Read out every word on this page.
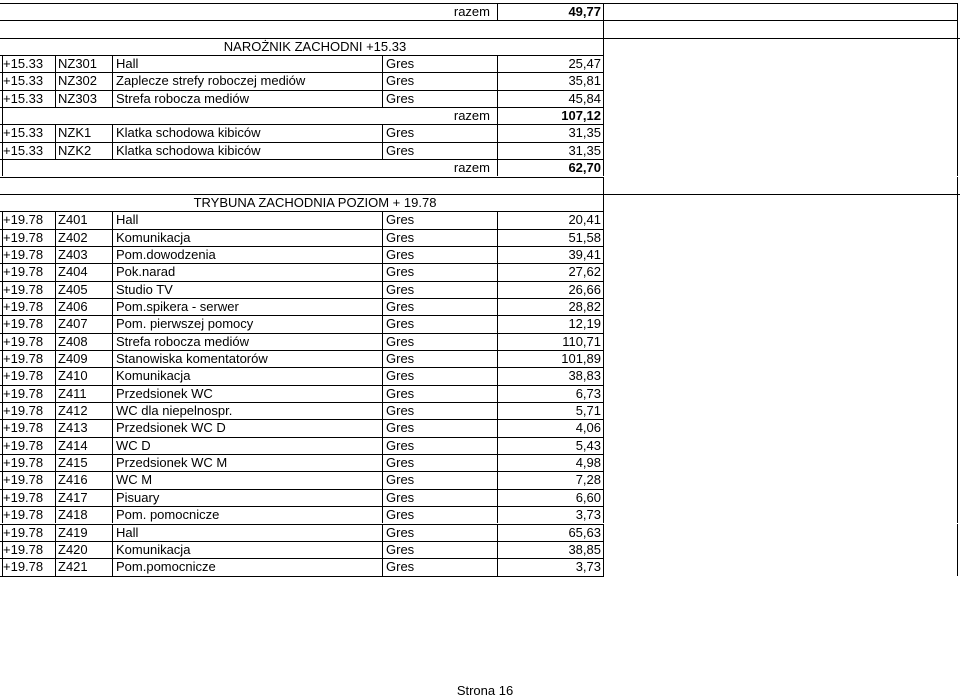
razem	49,77
NAROŻNIK ZACHODNI +15.33
+15.33 NZ301 Hall	Gres	25,47
+15.33 NZ302 Zaplecze strefy roboczej mediów	Gres	35,81
+15.33 NZ303 Strefa robocza mediów	Gres	45,84
razem	107,12
+15.33 NZK1 Klatka schodowa kibiców	Gres	31,35
+15.33 NZK2 Klatka schodowa kibiców	Gres	31,35
razem	62,70
TRYBUNA ZACHODNIA POZIOM + 19.78
+19.78 Z401 Hall	Gres	20,41
+19.78 Z402 Komunikacja	Gres	51,58
+19.78 Z403 Pom.dowodzenia	Gres	39,41
+19.78 Z404 Pok.narad	Gres	27,62
+19.78 Z405 Studio TV	Gres	26,66
+19.78 Z406 Pom.spikera - serwer	Gres	28,82
+19.78 Z407 Pom. pierwszej pomocy	Gres	12,19
+19.78 Z408 Strefa robocza mediów	Gres	110,71
+19.78 Z409 Stanowiska komentatorów	Gres	101,89
+19.78 Z410 Komunikacja	Gres	38,83
+19.78 Z411 Przedsionek WC	Gres	6,73
+19.78 Z412 WC dla niepelnospr.	Gres	5,71
+19.78 Z413 Przedsionek WC D	Gres	4,06
+19.78 Z414 WC D	Gres	5,43
+19.78 Z415 Przedsionek WC M	Gres	4,98
+19.78 Z416 WC M	Gres	7,28
+19.78 Z417 Pisuary	Gres	6,60
+19.78 Z418 Pom. pomocnicze	Gres	3,73
+19.78 Z419 Hall	Gres	65,63
+19.78 Z420 Komunikacja	Gres	38,85
+19.78 Z421 Pom.pomocnicze	Gres	3,73
Strona 16
